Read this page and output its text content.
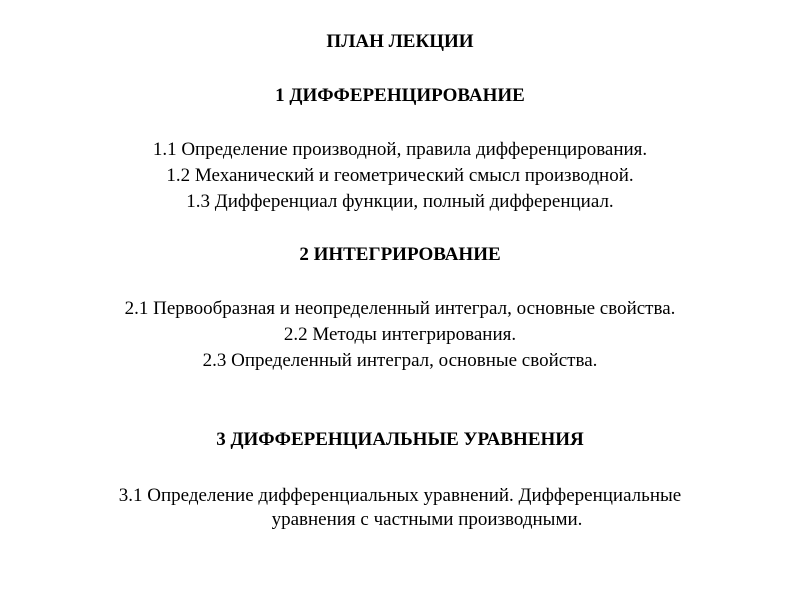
ПЛАН ЛЕКЦИИ
1 ДИФФЕРЕНЦИРОВАНИЕ
1.1 Определение производной, правила дифференцирования.
1.2 Механический и геометрический смысл производной.
1.3 Дифференциал функции, полный дифференциал.
2 ИНТЕГРИРОВАНИЕ
2.1 Первообразная и неопределенный интеграл, основные свойства.
2.2 Методы интегрирования.
2.3 Определенный интеграл, основные свойства.
3 ДИФФЕРЕНЦИАЛЬНЫЕ УРАВНЕНИЯ
3.1 Определение дифференциальных уравнений. Дифференциальные
уравнения с частными производными.
